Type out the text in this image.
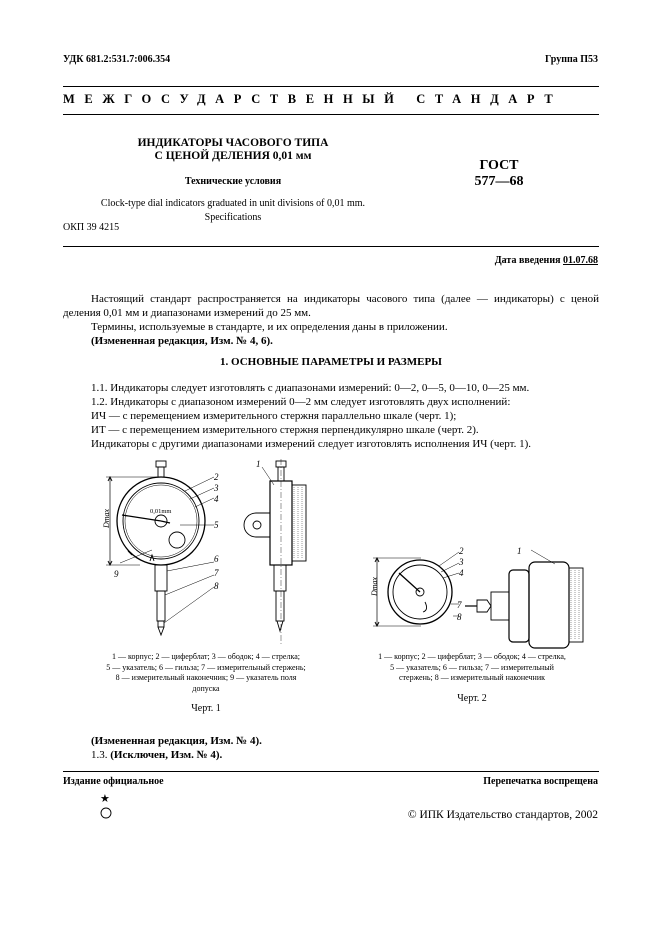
УДК 681.2:531.7:006.354	Группа П53
МЕЖГОСУДАРСТВЕННЫЙ СТАНДАРТ
ИНДИКАТОРЫ ЧАСОВОГО ТИПА
С ЦЕНОЙ ДЕЛЕНИЯ 0,01 мм
Технические условия
Clock-type dial indicators graduated in unit divisions of 0,01 mm.
Specifications
ОКП 39 4215
ГОСТ
577—68
Дата введения 01.07.68

Настоящий стандарт распространяется на индикаторы часового типа (далее — индикаторы) с ценой деления 0,01 мм и диапазонами измерений до 25 мм.

Термины, используемые в стандарте, и их определения даны в приложении.

(Измененная редакция, Изм. № 4, 6).

1. ОСНОВНЫЕ ПАРАМЕТРЫ И РАЗМЕРЫ

1.1. Индикаторы следует изготовлять с диапазонами измерений: 0—2, 0—5, 0—10, 0—25 мм.

1.2. Индикаторы с диапазоном измерений 0—2 мм следует изготовлять двух исполнений:

ИЧ — с перемещением измерительного стержня параллельно шкале (черт. 1);

ИТ — с перемещением измерительного стержня перпендикулярно шкале (черт. 2).

Индикаторы с другими диапазонами измерений следует изготовлять исполнения ИЧ (черт. 1).

0,01mm
Dmax
9
2
3
4
5
6
7
8
1
Dmax
2
3
4
7
8
1
1 — корпус; 2 — циферблат; 3 — ободок; 4 — стрелка;
5 — указатель; 6 — гильза; 7 — измерительный стержень;
8 — измерительный наконечник; 9 — указатель поля
допуска
Черт. 1
1 — корпус; 2 — циферблат; 3 — ободок; 4 — стрелка,
5 — указатель; 6 — гильза; 7 — измерительный
стержень; 8 — измерительный наконечник
Черт. 2

(Измененная редакция, Изм. № 4).

1.3. (Исключен, Изм. № 4).

Издание официальное	Перепечатка воспрещена
★
© ИПК Издательство стандартов, 2002
